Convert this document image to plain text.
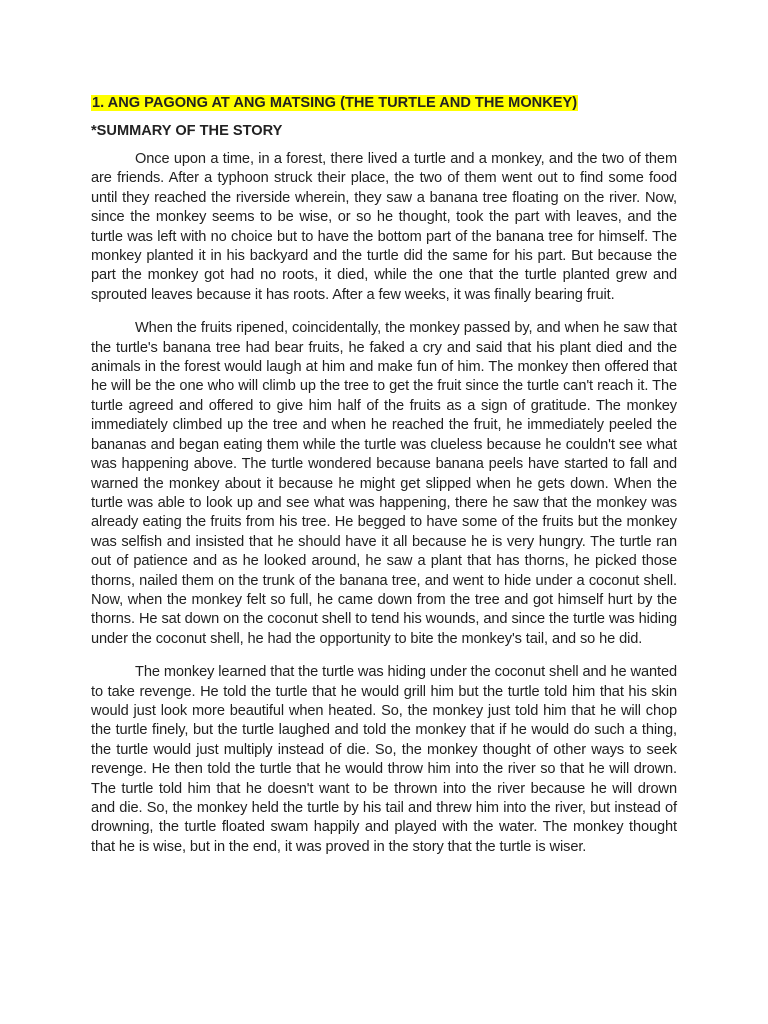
1. ANG PAGONG AT ANG MATSING (THE TURTLE AND THE MONKEY)
*SUMMARY OF THE STORY

Once upon a time, in a forest, there lived a turtle and a monkey, and the two of them are friends. After a typhoon struck their place, the two of them went out to find some food until they reached the riverside wherein, they saw a banana tree floating on the river. Now, since the monkey seems to be wise, or so he thought, took the part with leaves, and the turtle was left with no choice but to have the bottom part of the banana tree for himself. The monkey planted it in his backyard and the turtle did the same for his part. But because the part the monkey got had no roots, it died, while the one that the turtle planted grew and sprouted leaves because it has roots. After a few weeks, it was finally bearing fruit.

When the fruits ripened, coincidentally, the monkey passed by, and when he saw that the turtle's banana tree had bear fruits, he faked a cry and said that his plant died and the animals in the forest would laugh at him and make fun of him. The monkey then offered that he will be the one who will climb up the tree to get the fruit since the turtle can't reach it. The turtle agreed and offered to give him half of the fruits as a sign of gratitude. The monkey immediately climbed up the tree and when he reached the fruit, he immediately peeled the bananas and began eating them while the turtle was clueless because he couldn't see what was happening above. The turtle wondered because banana peels have started to fall and warned the monkey about it because he might get slipped when he gets down. When the turtle was able to look up and see what was happening, there he saw that the monkey was already eating the fruits from his tree. He begged to have some of the fruits but the monkey was selfish and insisted that he should have it all because he is very hungry. The turtle ran out of patience and as he looked around, he saw a plant that has thorns, he picked those thorns, nailed them on the trunk of the banana tree, and went to hide under a coconut shell. Now, when the monkey felt so full, he came down from the tree and got himself hurt by the thorns. He sat down on the coconut shell to tend his wounds, and since the turtle was hiding under the coconut shell, he had the opportunity to bite the monkey's tail, and so he did.

The monkey learned that the turtle was hiding under the coconut shell and he wanted to take revenge. He told the turtle that he would grill him but the turtle told him that his skin would just look more beautiful when heated. So, the monkey just told him that he will chop the turtle finely, but the turtle laughed and told the monkey that if he would do such a thing, the turtle would just multiply instead of die. So, the monkey thought of other ways to seek revenge. He then told the turtle that he would throw him into the river so that he will drown. The turtle told him that he doesn't want to be thrown into the river because he will drown and die. So, the monkey held the turtle by his tail and threw him into the river, but instead of drowning, the turtle floated swam happily and played with the water. The monkey thought that he is wise, but in the end, it was proved in the story that the turtle is wiser.
